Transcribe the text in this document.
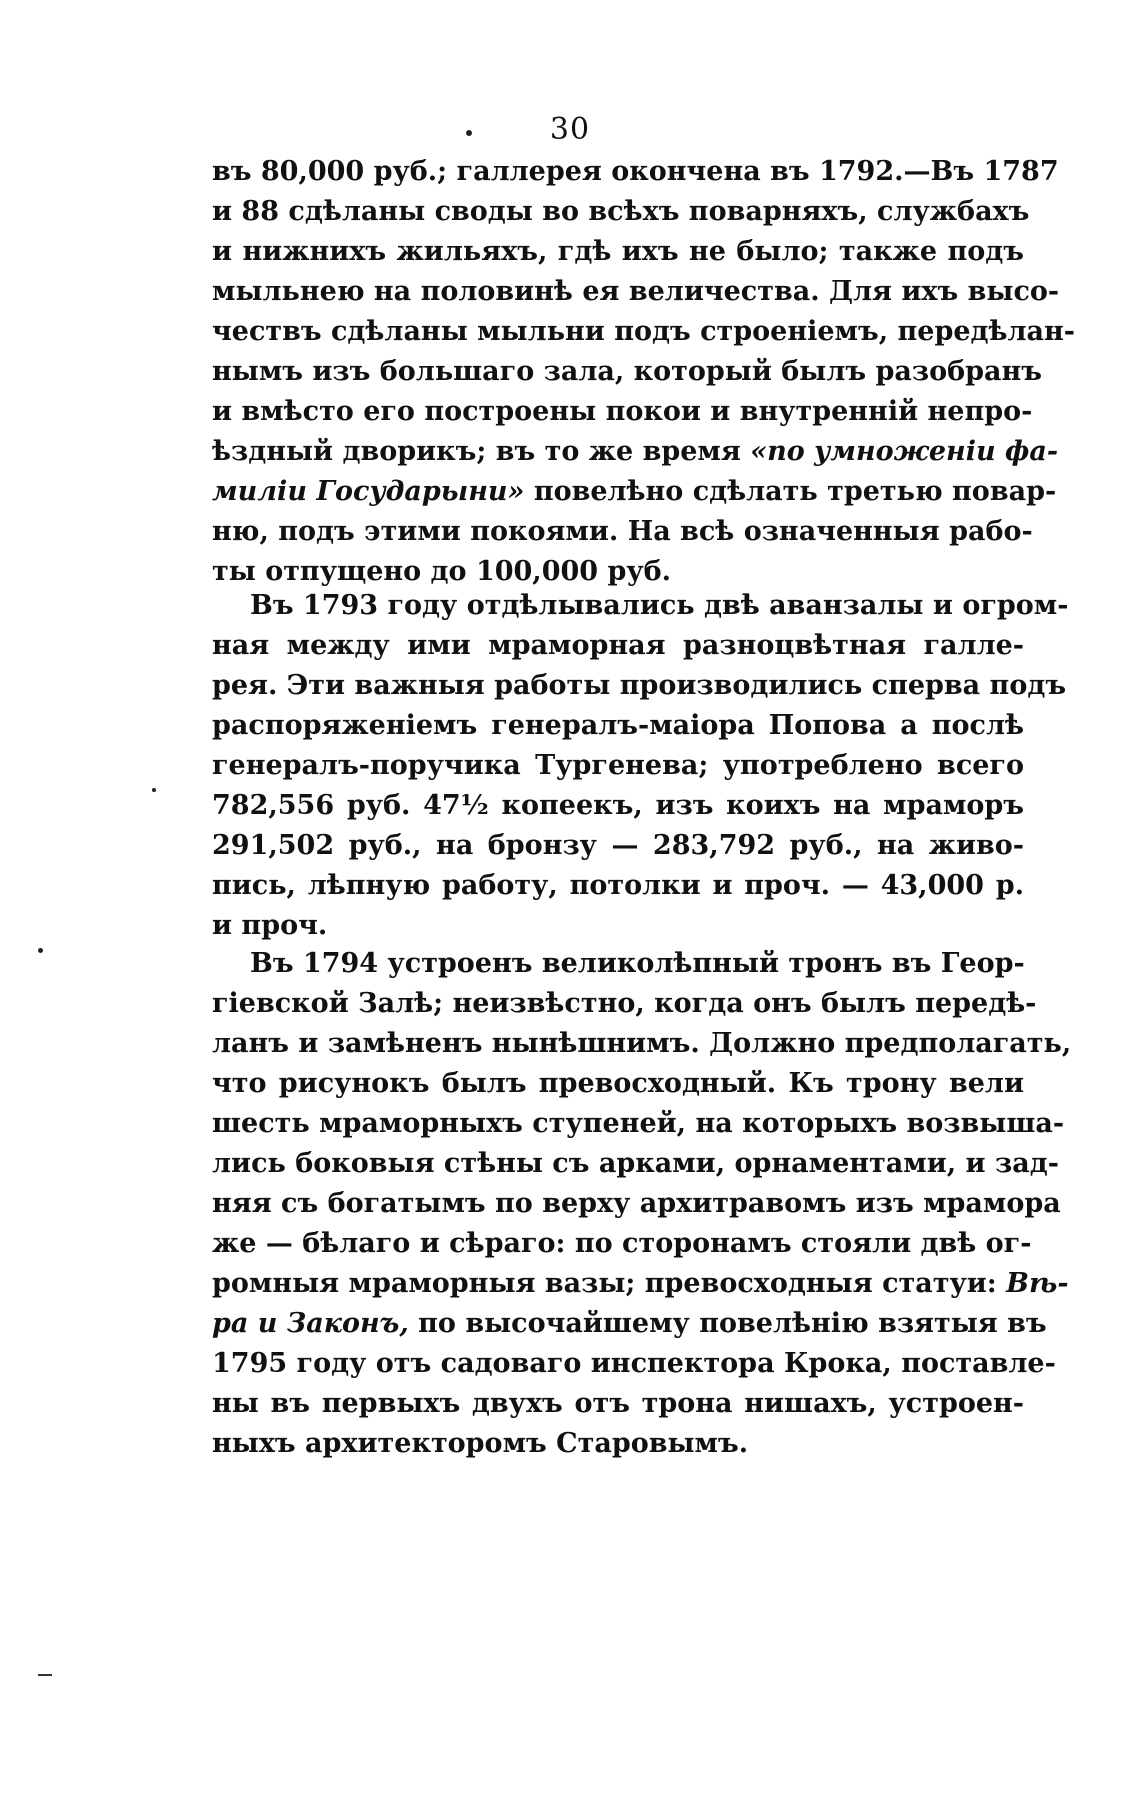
30
въ 80,000 руб.; галлерея окончена въ 1792.—Въ 1787
и 88 сдѣланы своды во всѣхъ поварняхъ, службахъ
и нижнихъ жильяхъ, гдѣ ихъ не было; также подъ
мыльнею на половинѣ ея величества. Для ихъ высо-
чествъ сдѣланы мыльни подъ строеніемъ, передѣлан-
нымъ изъ большаго зала, который былъ разобранъ
и вмѣсто его построены покои и внутренній непро-
ѣздный дворикъ; въ то же время «по умноженiи фа-
милiи Государыни» повелѣно сдѣлать третью повар-
ню, подъ этими покоями. На всѣ означенныя рабо-
ты отпущено до 100,000 руб.
Въ 1793 году отдѣлывались двѣ аванзалы и огром-
ная между ими мраморная разноцвѣтная галле-
рея. Эти важныя работы производились сперва подъ
распоряженіемъ генералъ-маіора Попова а послѣ
генералъ-поручика Тургенева; употреблено всего
782,556 руб. 47½ копеекъ, изъ коихъ на мраморъ
291,502 руб., на бронзу — 283,792 руб., на живо-
пись, лѣпную работу, потолки и проч. — 43,000 р.
и проч.
Въ 1794 устроенъ великолѣпный тронъ въ Геор-
гіевской Залѣ; неизвѣстно, когда онъ былъ передѣ-
ланъ и замѣненъ нынѣшнимъ. Должно предполагать,
что рисунокъ былъ превосходный. Къ трону вели
шесть мраморныхъ ступеней, на которыхъ возвыша-
лись боковыя стѣны съ арками, орнаментами, и зад-
няя съ богатымъ по верху архитравомъ изъ мрамора
же — бѣлаго и сѣраго: по сторонамъ стояли двѣ ог-
ромныя мраморныя вазы; превосходныя статуи: Вѣ-
ра и Законъ, по высочайшему повелѣнію взятыя въ
1795 году отъ садоваго инспектора Крока, поставле-
ны въ первыхъ двухъ отъ трона нишахъ, устроен-
ныхъ архитекторомъ Старовымъ.
